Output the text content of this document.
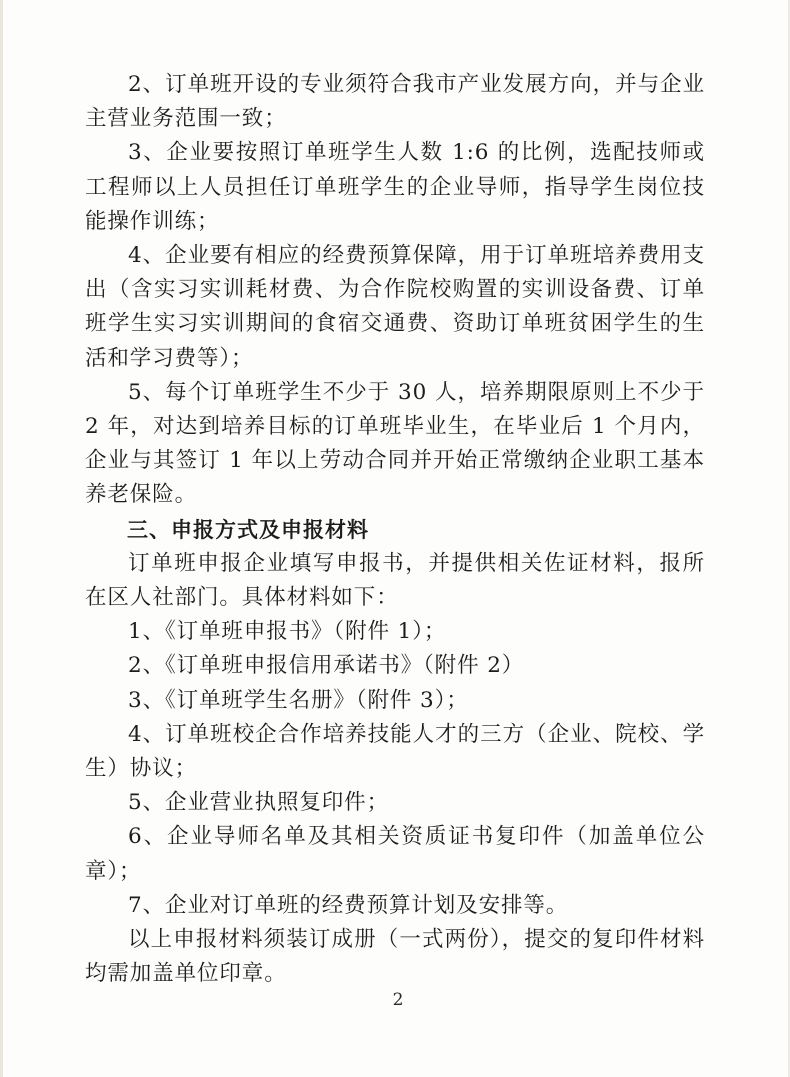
2、订单班开设的专业须符合我市产业发展方向，并与企业主营业务范围一致；

3、企业要按照订单班学生人数 1:6 的比例，选配技师或工程师以上人员担任订单班学生的企业导师，指导学生岗位技能操作训练；

4、企业要有相应的经费预算保障，用于订单班培养费用支出（含实习实训耗材费、为合作院校购置的实训设备费、订单班学生实习实训期间的食宿交通费、资助订单班贫困学生的生活和学习费等）；

5、每个订单班学生不少于 30 人，培养期限原则上不少于 2 年，对达到培养目标的订单班毕业生，在毕业后 1 个月内，企业与其签订 1 年以上劳动合同并开始正常缴纳企业职工基本养老保险。

三、申报方式及申报材料

订单班申报企业填写申报书，并提供相关佐证材料，报所在区人社部门。具体材料如下：

1、《订单班申报书》（附件 1）；

2、《订单班申报信用承诺书》（附件 2）

3、《订单班学生名册》（附件 3）；

4、订单班校企合作培养技能人才的三方（企业、院校、学生）协议；

5、企业营业执照复印件；

6、企业导师名单及其相关资质证书复印件（加盖单位公章）；

7、企业对订单班的经费预算计划及安排等。

以上申报材料须装订成册（一式两份），提交的复印件材料均需加盖单位印章。

2
